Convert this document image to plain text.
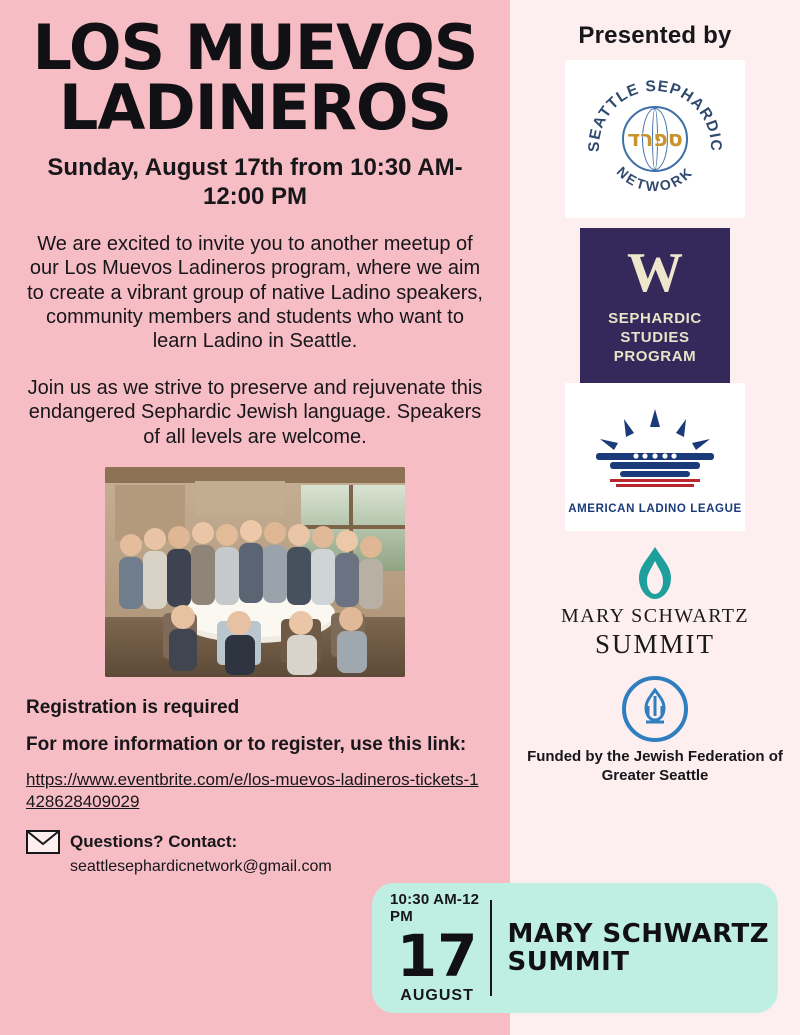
LOS MUEVOS LADINEROS
Sunday, August 17th from 10:30 AM- 12:00 PM
We are excited to invite you to another meetup of our Los Muevos Ladineros program, where we aim to create a vibrant group of native Ladino speakers, community members and students who want to learn Ladino in Seattle.
Join us as we strive to preserve and rejuvenate this endangered Sephardic Jewish language. Speakers of all levels are welcome.
Registration is required
For more information or to register, use this link:
https://www.eventbrite.com/e/los-muevos-ladineros-tickets-1428628409029
Questions? Contact:
seattlesephardicnetwork@gmail.com
Presented by
SEATTLE SEPHARDIC
NETWORK
ספרד
W
SEPHARDIC
STUDIES
PROGRAM
AMERICAN LADINO LEAGUE
MARY SCHWARTZ
SUMMIT
Funded by the Jewish Federation of Greater Seattle
10:30 AM-12 PM
17
AUGUST
MARY SCHWARTZ SUMMIT
